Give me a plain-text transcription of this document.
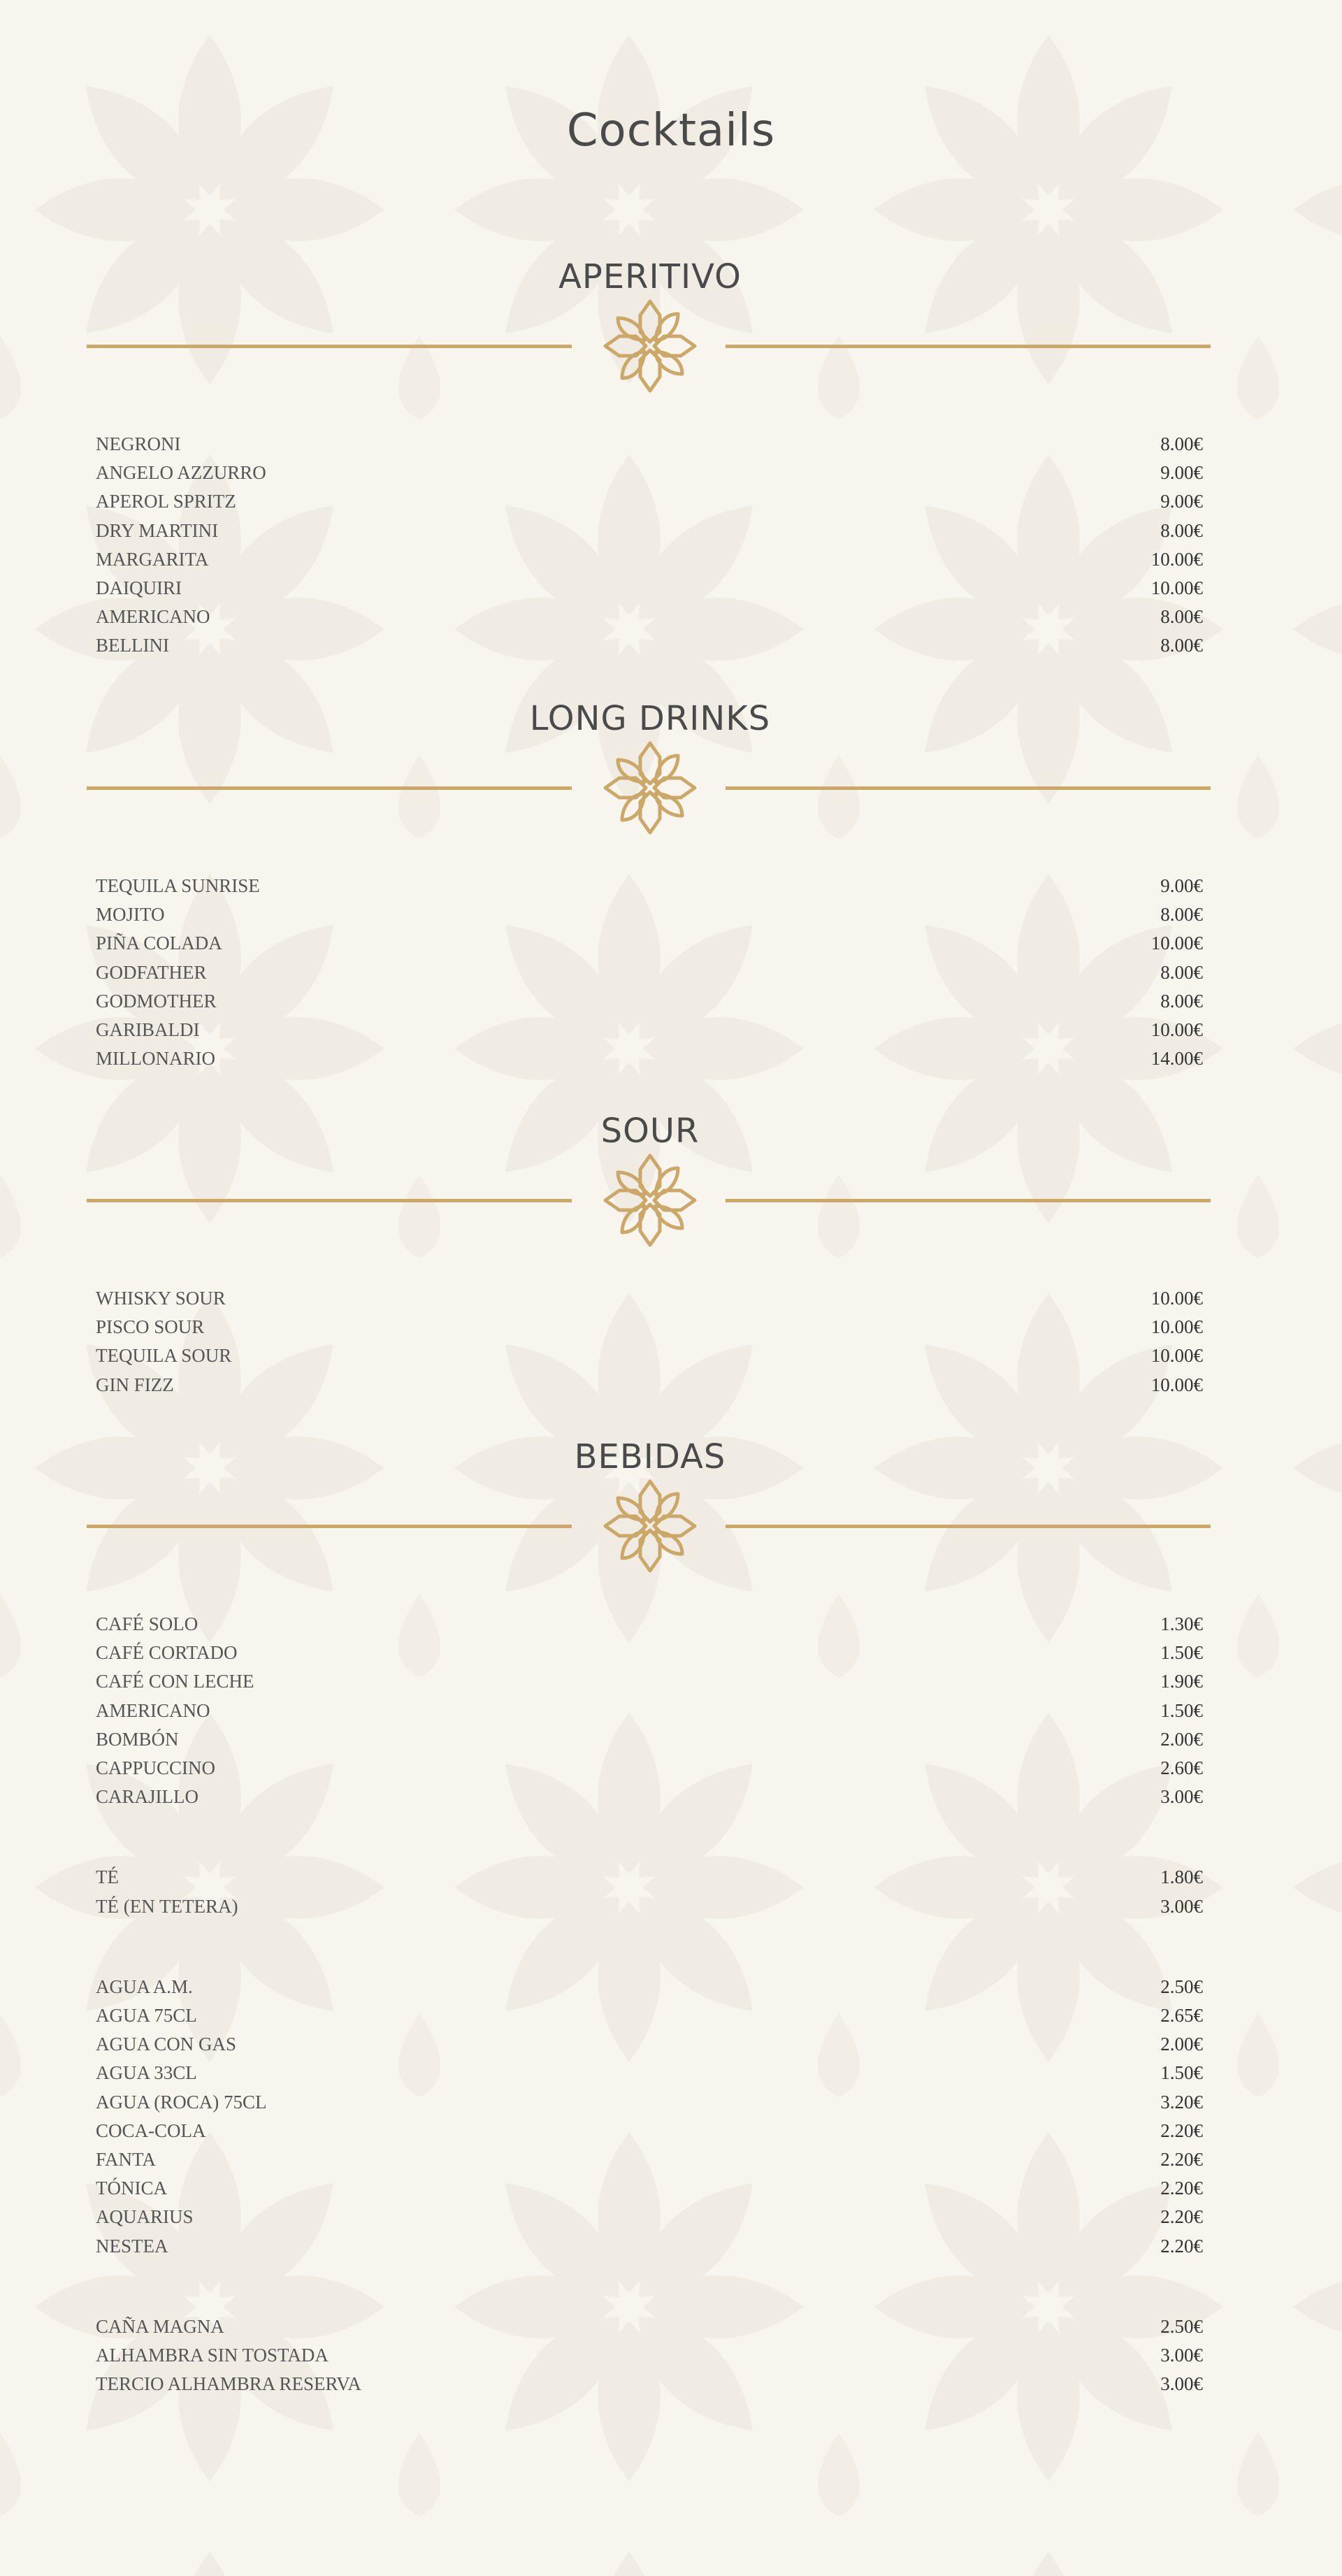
Cocktails
APERITIVO
NEGRONI	8.00€
ANGELO AZZURRO	9.00€
APEROL SPRITZ	9.00€
DRY MARTINI	8.00€
MARGARITA	10.00€
DAIQUIRI	10.00€
AMERICANO	8.00€
BELLINI	8.00€
LONG DRINKS
TEQUILA SUNRISE	9.00€
MOJITO	8.00€
PIÑA COLADA	10.00€
GODFATHER	8.00€
GODMOTHER	8.00€
GARIBALDI	10.00€
MILLONARIO	14.00€
SOUR
WHISKY SOUR	10.00€
PISCO SOUR	10.00€
TEQUILA SOUR	10.00€
GIN FIZZ	10.00€
BEBIDAS
CAFÉ SOLO	1.30€
CAFÉ CORTADO	1.50€
CAFÉ CON LECHE	1.90€
AMERICANO	1.50€
BOMBÓN	2.00€
CAPPUCCINO	2.60€
CARAJILLO	3.00€
TÉ	1.80€
TÉ (EN TETERA)	3.00€
AGUA A.M.	2.50€
AGUA 75CL	2.65€
AGUA CON GAS	2.00€
AGUA 33CL	1.50€
AGUA (ROCA) 75CL	3.20€
COCA-COLA	2.20€
FANTA	2.20€
TÓNICA	2.20€
AQUARIUS	2.20€
NESTEA	2.20€
CAÑA MAGNA	2.50€
ALHAMBRA SIN TOSTADA	3.00€
TERCIO ALHAMBRA RESERVA	3.00€
